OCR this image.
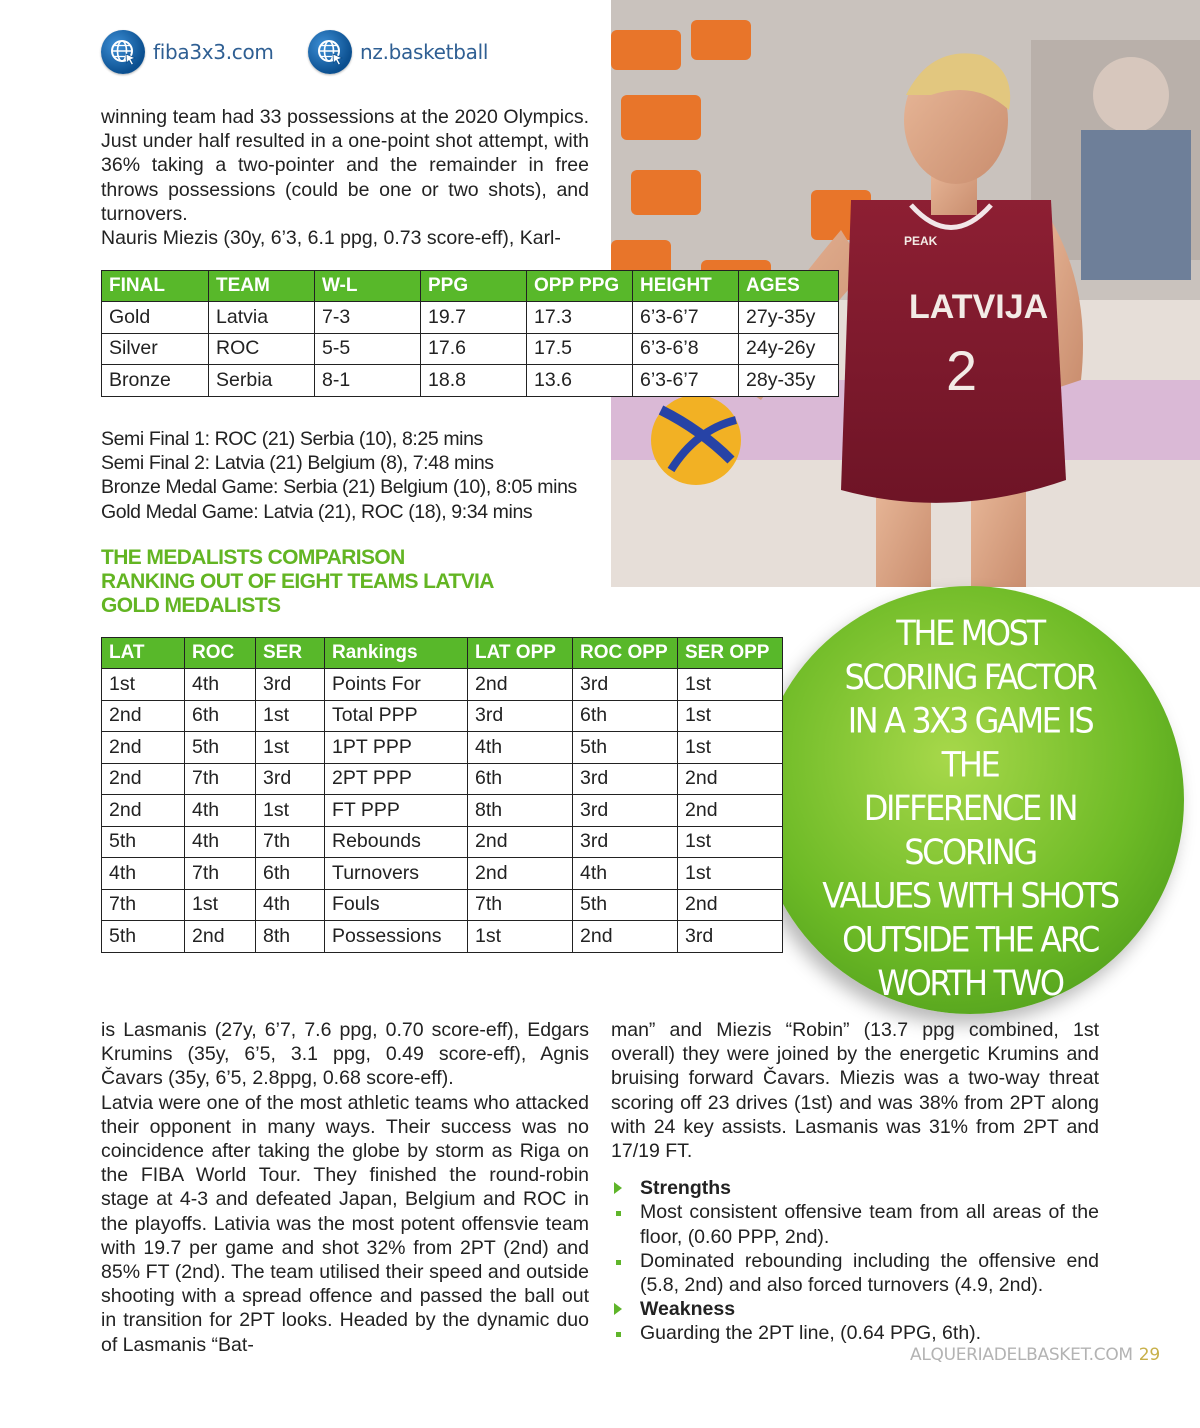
fiba3x3.com	nz.basketball
LATVIJA
2
PEAK

winning team had 33 possessions at the 2020 Olympics. Just under half resulted in a one-point shot attempt, with 36% taking a two-pointer and the remainder in free throws possessions (could be one or two shots), and turnovers.

Nauris Miezis (30y, 6’3, 6.1 ppg, 0.73 score-eff), Karl-

FINAL	TEAM	W-L	PPG	OPP PPG	HEIGHT	AGES
Gold	Latvia	7-3	19.7	17.3	6’3-6’7	27y-35y
Silver	ROC	5-5	17.6	17.5	6’3-6’8	24y-26y
Bronze	Serbia	8-1	18.8	13.6	6’3-6’7	28y-35y

Semi Final 1: ROC (21) Serbia (10), 8:25 mins

Semi Final 2: Latvia (21) Belgium (8), 7:48 mins

Bronze Medal Game: Serbia (21) Belgium (10), 8:05 mins

Gold Medal Game: Latvia (21), ROC (18), 9:34 mins

THE MEDALISTS COMPARISON
RANKING OUT OF EIGHT TEAMS LATVIA
GOLD MEDALISTS
THE MOST
SCORING FACTOR
IN A 3X3 GAME IS THE
DIFFERENCE IN SCORING
VALUES WITH SHOTS
OUTSIDE THE ARC
WORTH TWO
LAT	ROC	SER	Rankings	LAT OPP	ROC OPP	SER OPP
1st	4th	3rd	Points For	2nd	3rd	1st
2nd	6th	1st	Total PPP	3rd	6th	1st
2nd	5th	1st	1PT PPP	4th	5th	1st
2nd	7th	3rd	2PT PPP	6th	3rd	2nd
2nd	4th	1st	FT PPP	8th	3rd	2nd
5th	4th	7th	Rebounds	2nd	3rd	1st
4th	7th	6th	Turnovers	2nd	4th	1st
7th	1st	4th	Fouls	7th	5th	2nd
5th	2nd	8th	Possessions	1st	2nd	3rd

is Lasmanis (27y, 6’7, 7.6 ppg, 0.70 score-eff), Edgars Krumins (35y, 6’5, 3.1 ppg, 0.49 score-eff), Agnis Čavars (35y, 6’5, 2.8ppg, 0.68 score-eff).

Latvia were one of the most athletic teams who attacked their opponent in many ways. Their success was no coincidence after taking the globe by storm as Riga on the FIBA World Tour. They finished the round-robin stage at 4-3 and defeated Japan, Belgium and ROC in the playoffs. Lativia was the most potent offensvie team with 19.7 per game and shot 32% from 2PT (2nd) and 85% FT (2nd). The team utilised their speed and outside shooting with a spread offence and passed the ball out in transition for 2PT looks. Headed by the dynamic duo of Lasmanis “Bat-

man” and Miezis “Robin” (13.7 ppg combined, 1st overall) they were joined by the energetic Krumins and bruising forward Čavars. Miezis was a two-way threat scoring off 23 drives (1st) and was 38% from 2PT along with 24 key assists. Lasmanis was 31% from 2PT and 17/19 FT.

Strengths
Most consistent offensive team from all areas of the floor, (0.60 PPP, 2nd).
Dominated rebounding including the offensive end (5.8, 2nd) and also forced turnovers (4.9, 2nd).
Weakness
Guarding the 2PT line, (0.64 PPG, 6th).
ALQUERIADELBASKET.COM 29
